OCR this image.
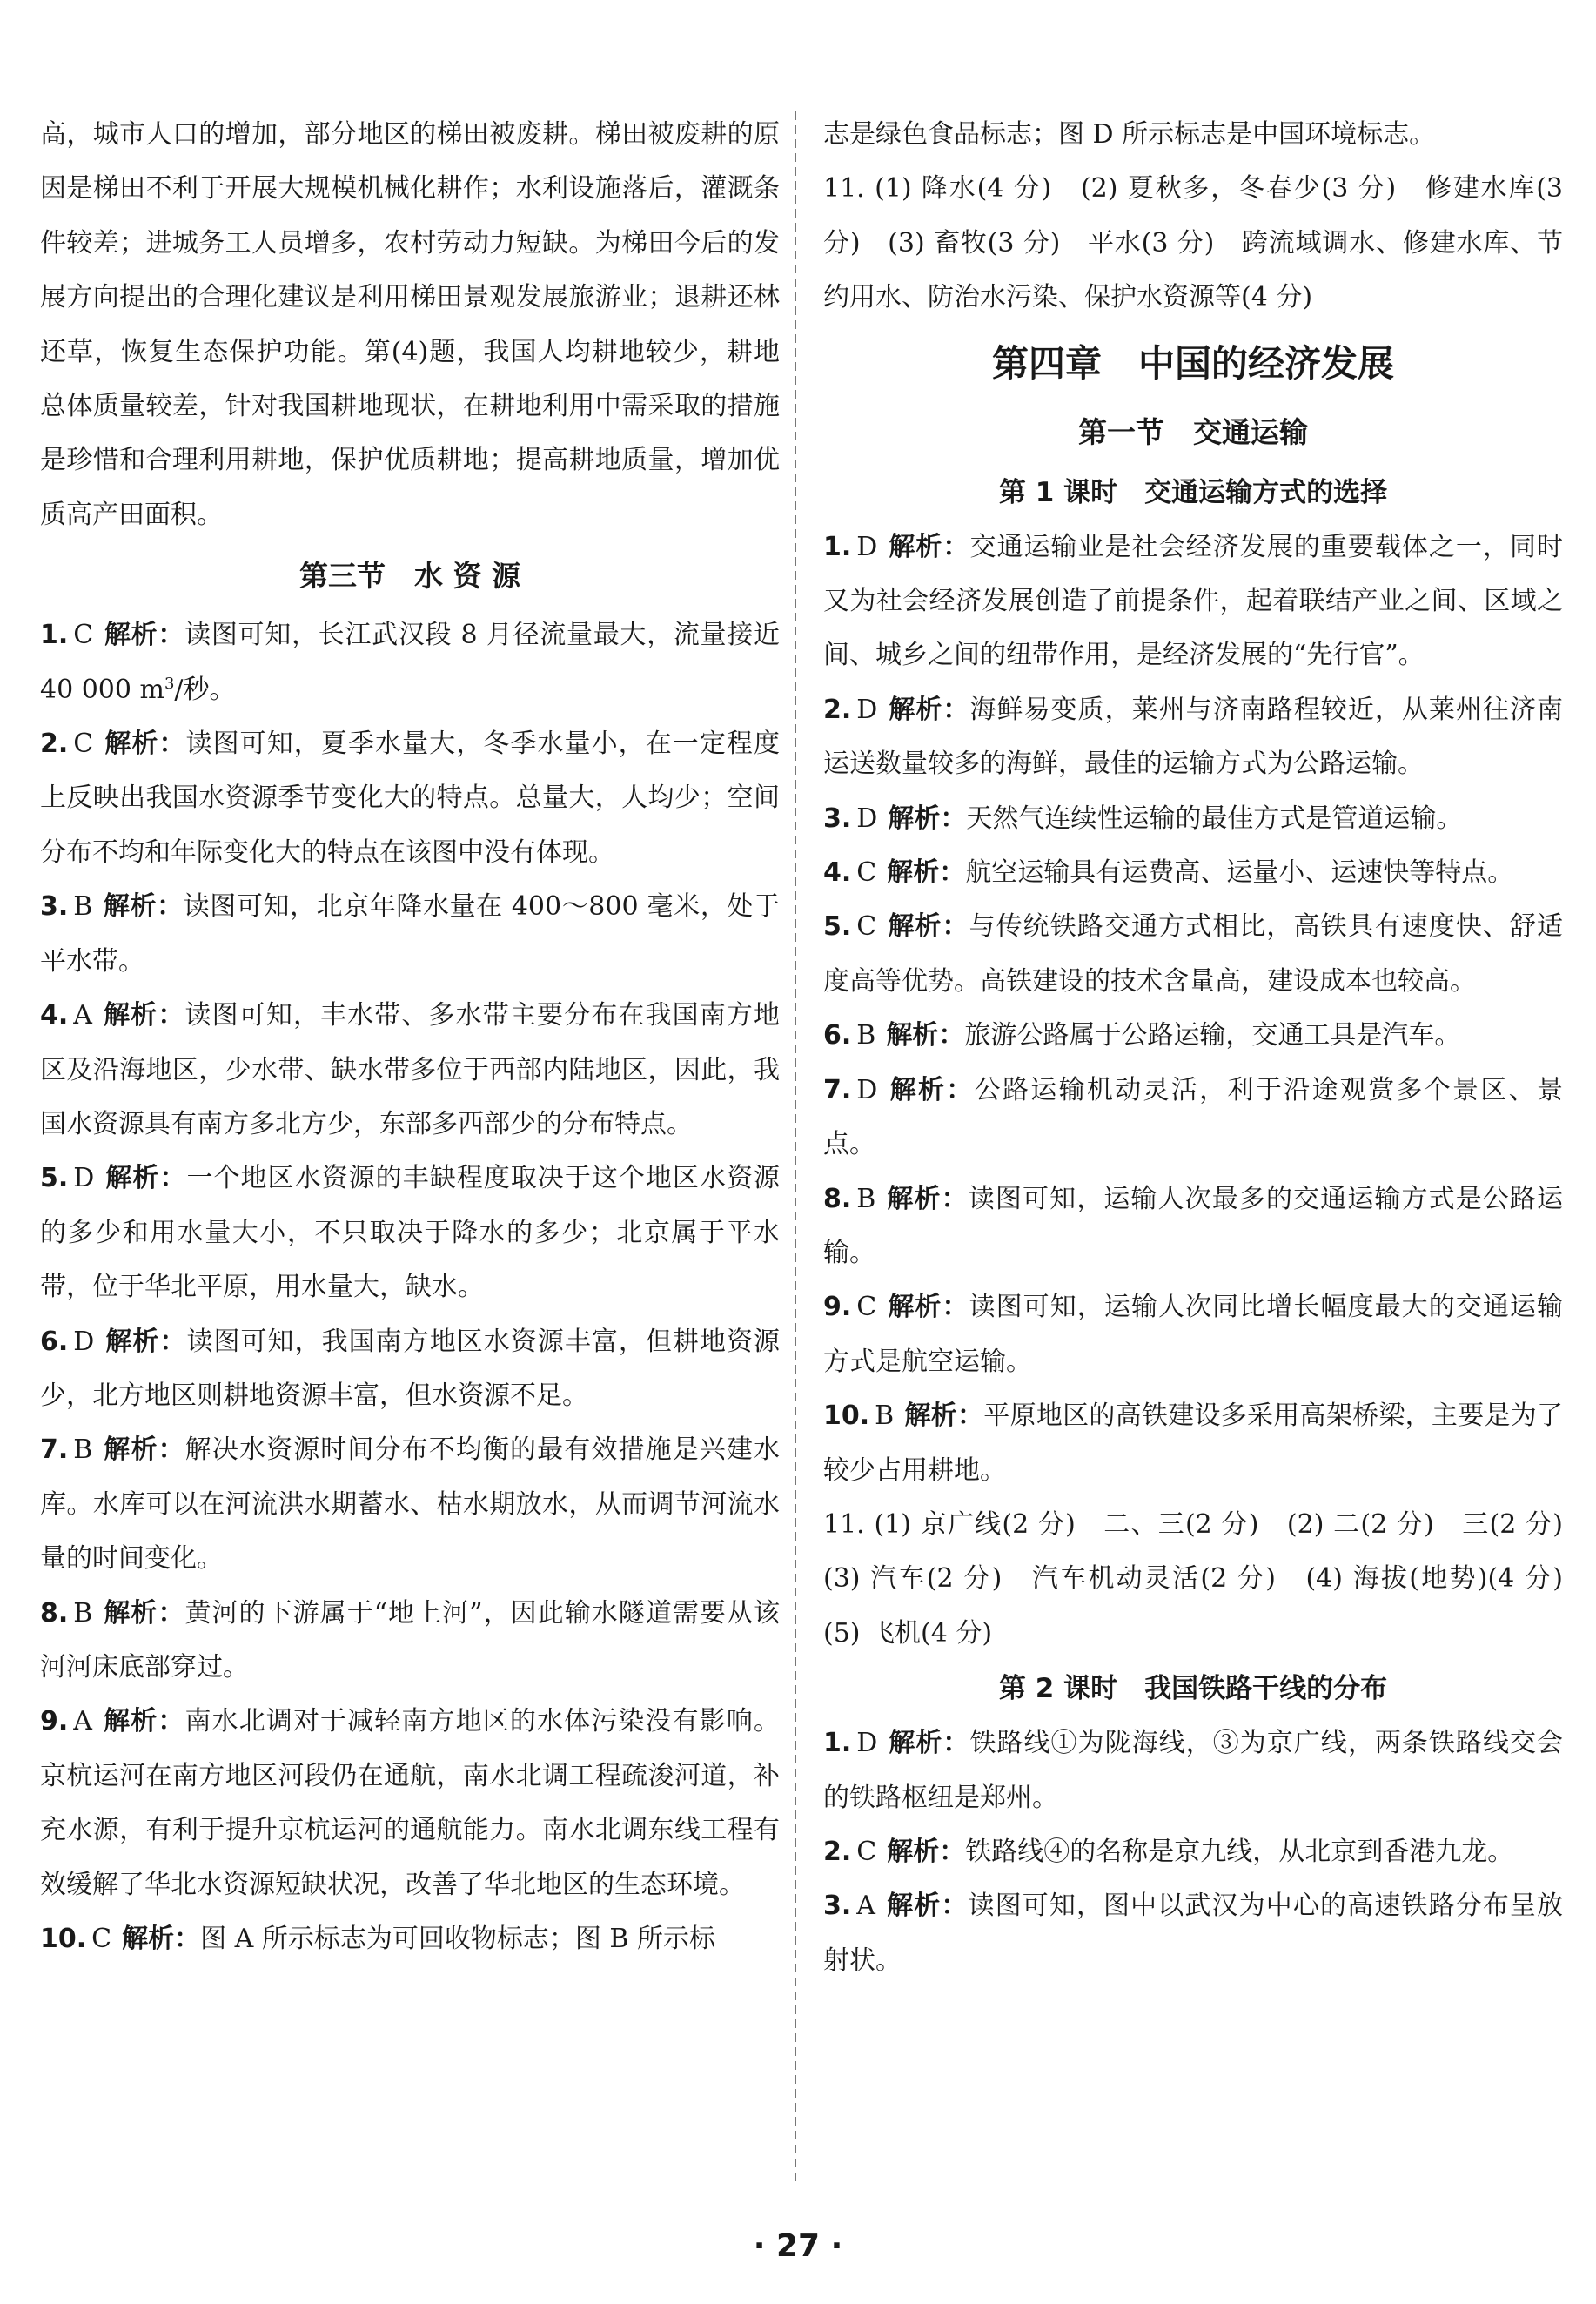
高，城市人口的增加，部分地区的梯田被废耕。梯田被废耕的原因是梯田不利于开展大规模机械化耕作；水利设施落后，灌溉条件较差；进城务工人员增多，农村劳动力短缺。为梯田今后的发展方向提出的合理化建议是利用梯田景观发展旅游业；退耕还林还草，恢复生态保护功能。第(4)题，我国人均耕地较少，耕地总体质量较差，针对我国耕地现状，在耕地利用中需采取的措施是珍惜和合理利用耕地，保护优质耕地；提高耕地质量，增加优质高产田面积。

第三节　水 资 源

1. C 解析：读图可知，长江武汉段 8 月径流量最大，流量接近 40 000 $m^3/$秒。

2. C 解析：读图可知，夏季水量大，冬季水量小，在一定程度上反映出我国水资源季节变化大的特点。总量大，人均少；空间分布不均和年际变化大的特点在该图中没有体现。

3. B 解析：读图可知，北京年降水量在 400～800 毫米，处于平水带。

4. A 解析：读图可知，丰水带、多水带主要分布在我国南方地区及沿海地区，少水带、缺水带多位于西部内陆地区，因此，我国水资源具有南方多北方少，东部多西部少的分布特点。

5. D 解析：一个地区水资源的丰缺程度取决于这个地区水资源的多少和用水量大小，不只取决于降水的多少；北京属于平水带，位于华北平原，用水量大，缺水。

6. D 解析：读图可知，我国南方地区水资源丰富，但耕地资源少，北方地区则耕地资源丰富，但水资源不足。

7. B 解析：解决水资源时间分布不均衡的最有效措施是兴建水库。水库可以在河流洪水期蓄水、枯水期放水，从而调节河流水量的时间变化。

8. B 解析：黄河的下游属于“地上河”，因此输水隧道需要从该河河床底部穿过。

9. A 解析：南水北调对于减轻南方地区的水体污染没有影响。京杭运河在南方地区河段仍在通航，南水北调工程疏浚河道，补充水源，有利于提升京杭运河的通航能力。南水北调东线工程有效缓解了华北水资源短缺状况，改善了华北地区的生态环境。

10. C 解析：图 A 所示标志为可回收物标志；图 B 所示标

志是绿色食品标志；图 D 所示标志是中国环境标志。

11. (1) 降水(4 分)　(2) 夏秋多，冬春少(3 分)　修建水库(3 分)　(3) 畜牧(3 分)　平水(3 分)　跨流域调水、修建水库、节约用水、防治水污染、保护水资源等(4 分)

第四章　中国的经济发展
第一节　交通运输
第 1 课时　交通运输方式的选择

1. D 解析：交通运输业是社会经济发展的重要载体之一，同时又为社会经济发展创造了前提条件，起着联结产业之间、区域之间、城乡之间的纽带作用，是经济发展的“先行官”。

2. D 解析：海鲜易变质，莱州与济南路程较近，从莱州往济南运送数量较多的海鲜，最佳的运输方式为公路运输。

3. D 解析：天然气连续性运输的最佳方式是管道运输。

4. C 解析：航空运输具有运费高、运量小、运速快等特点。

5. C 解析：与传统铁路交通方式相比，高铁具有速度快、舒适度高等优势。高铁建设的技术含量高，建设成本也较高。

6. B 解析：旅游公路属于公路运输，交通工具是汽车。

7. D 解析：公路运输机动灵活，利于沿途观赏多个景区、景点。

8. B 解析：读图可知，运输人次最多的交通运输方式是公路运输。

9. C 解析：读图可知，运输人次同比增长幅度最大的交通运输方式是航空运输。

10. B 解析：平原地区的高铁建设多采用高架桥梁，主要是为了较少占用耕地。

11. (1) 京广线(2 分)　二、三(2 分)　(2) 二(2 分)　三(2 分)　(3) 汽车(2 分)　汽车机动灵活(2 分)　(4) 海拔(地势)(4 分)　(5) 飞机(4 分)

第 2 课时　我国铁路干线的分布

1. D 解析：铁路线①为陇海线，③为京广线，两条铁路线交会的铁路枢纽是郑州。

2. C 解析：铁路线④的名称是京九线，从北京到香港九龙。

3. A 解析：读图可知，图中以武汉为中心的高速铁路分布呈放射状。

· 27 ·
